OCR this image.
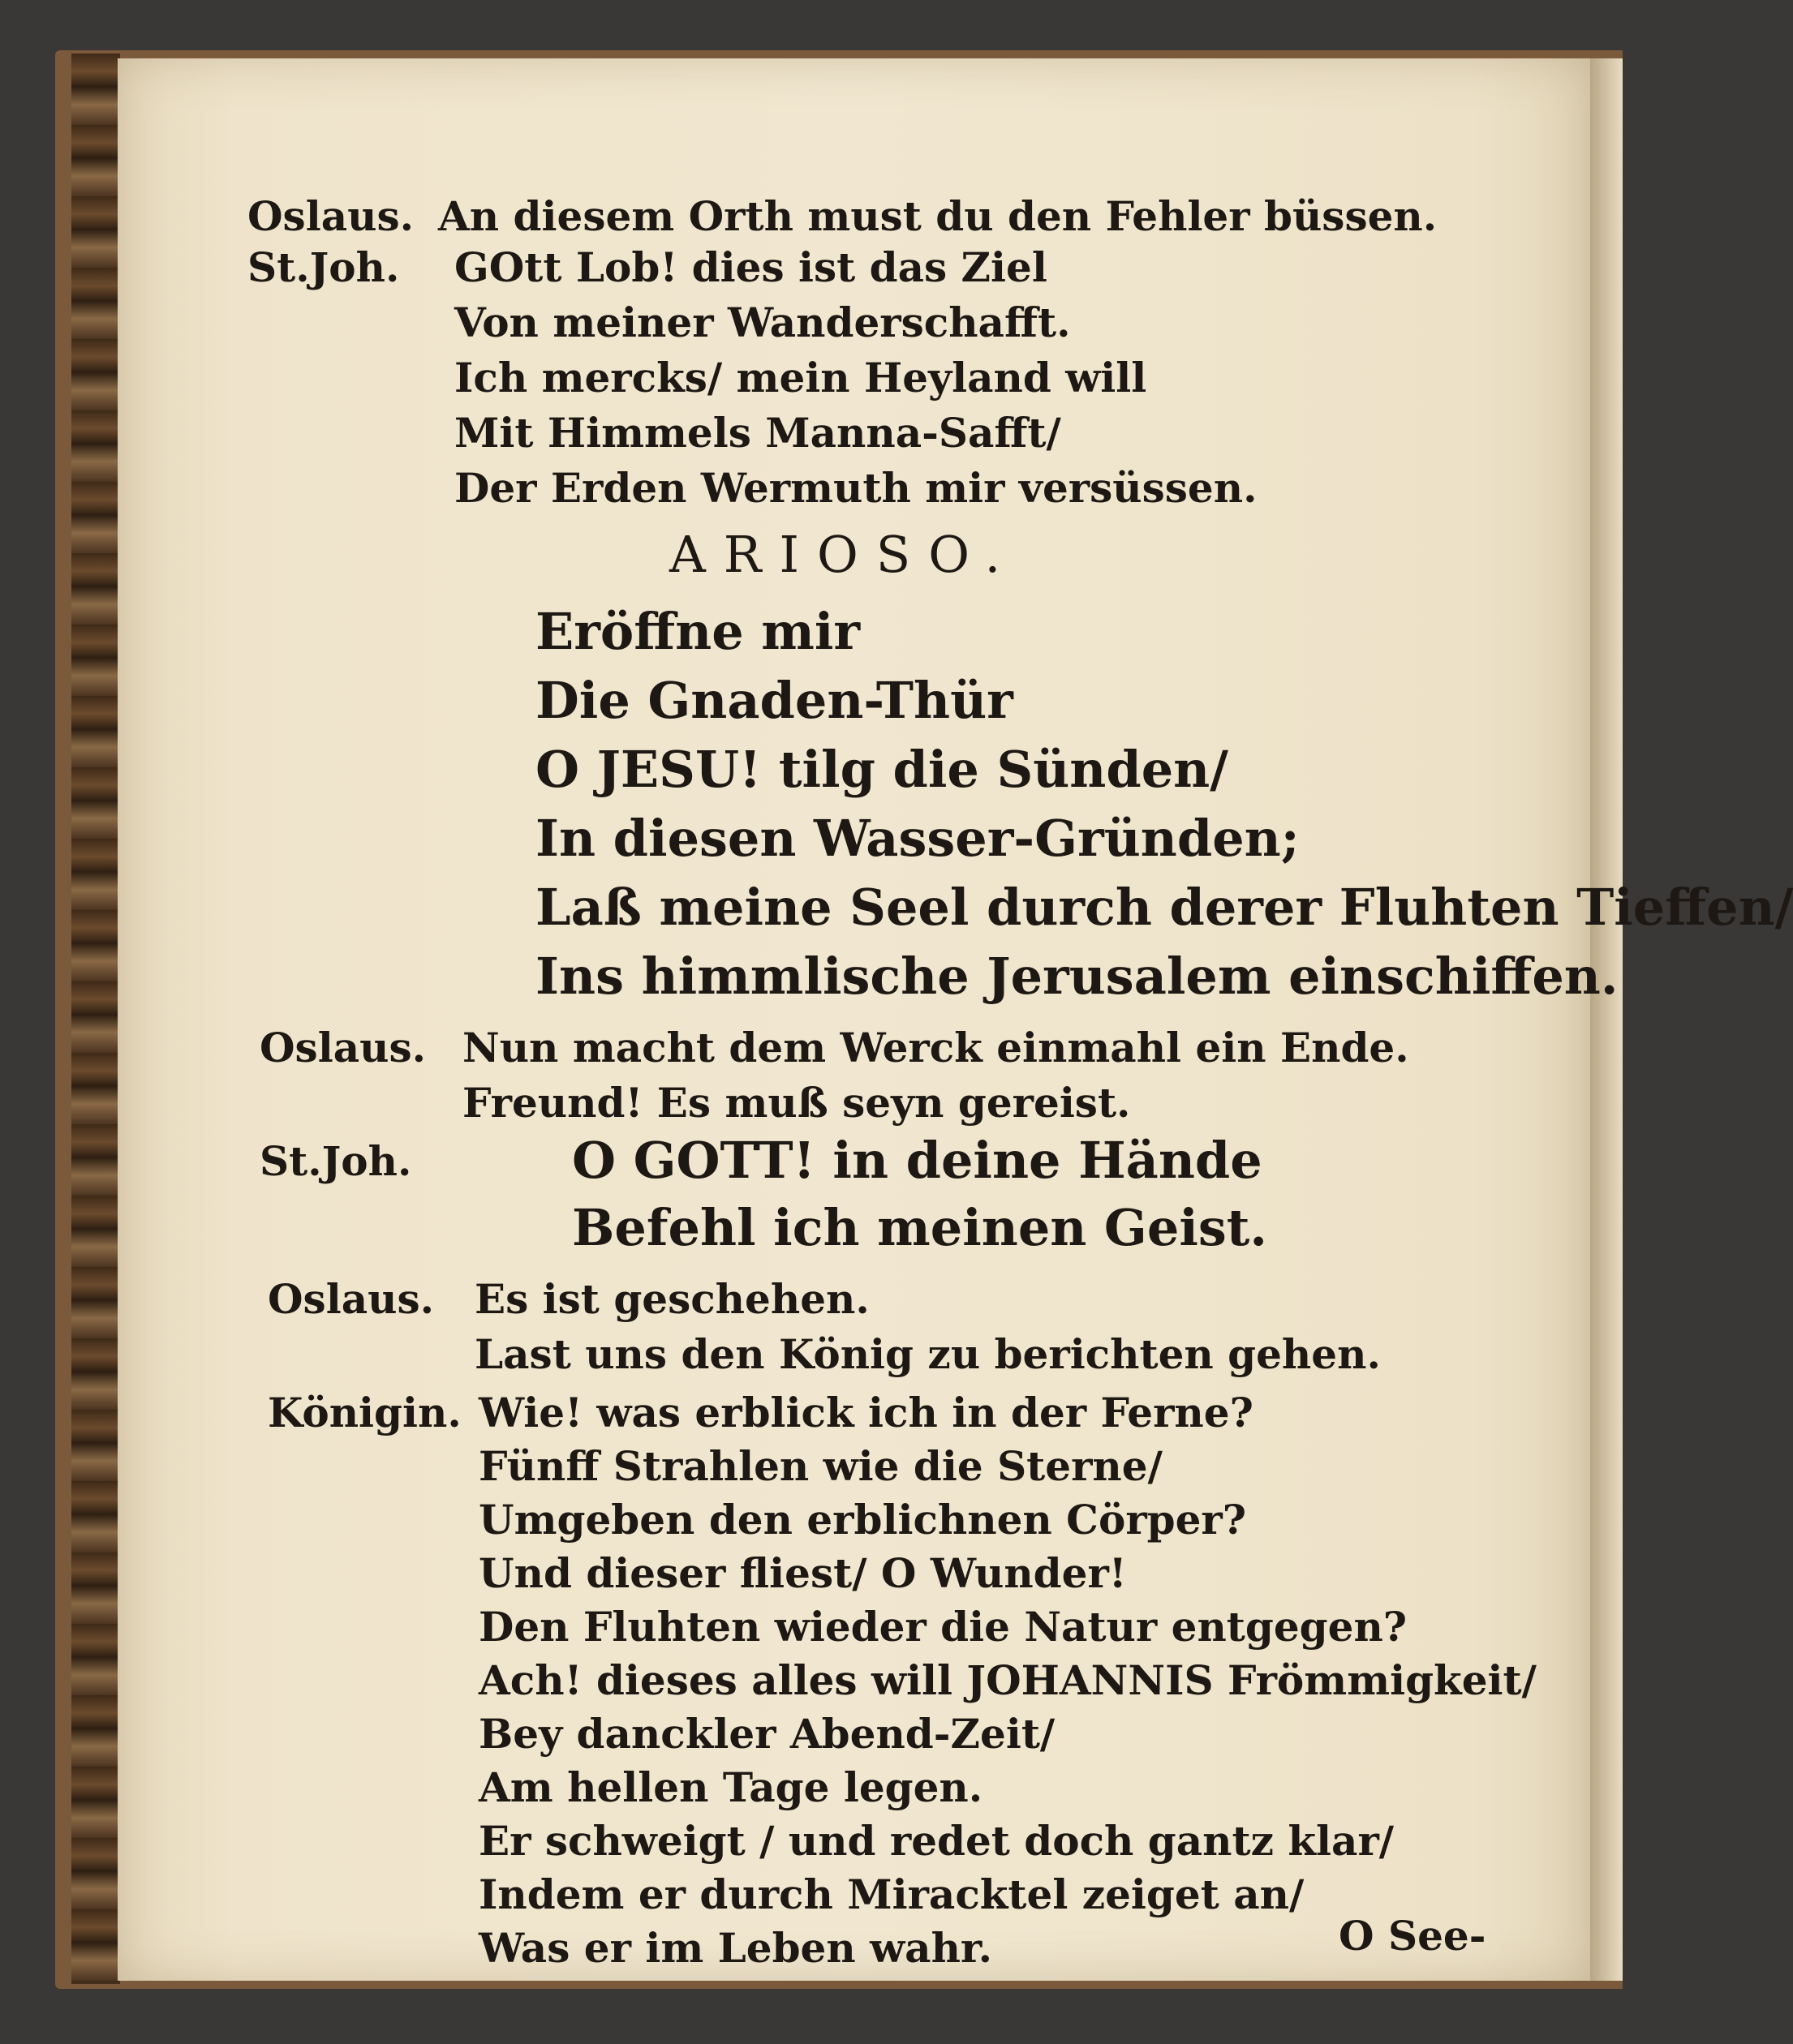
Oslaus. An diesem Orth must du den Fehler büssen.
St.Joh. GOtt Lob! dies ist das Ziel
Von meiner Wanderschafft.
Ich mercks/ mein Heyland will
Mit Himmels Manna-Safft/
Der Erden Wermuth mir versüssen.
ARIOSO.
Eröffne mir
Die Gnaden-Thür
O JESU! tilg die Sünden/
In diesen Wasser-Gründen;
Laß meine Seel durch derer Fluhten Tieffen/
Ins himmlische Jerusalem einschiffen.
Oslaus. Nun macht dem Werck einmahl ein Ende.
Freund! Es muß seyn gereist.
St.Joh.	O GOTT! in deine Hände
Befehl ich meinen Geist.
Oslaus. Es ist geschehen.
Last uns den König zu berichten gehen.
Königin. Wie! was erblick ich in der Ferne?
Fünff Strahlen wie die Sterne/
Umgeben den erblichnen Cörper?
Und dieser fliest/ O Wunder!
Den Fluhten wieder die Natur entgegen?
Ach! dieses alles will JOHANNIS Frömmigkeit/
Bey danckler Abend-Zeit/
Am hellen Tage legen.
Er schweigt / und redet doch gantz klar/
Indem er durch Miracktel zeiget an/
Was er im Leben wahr.	O See-
